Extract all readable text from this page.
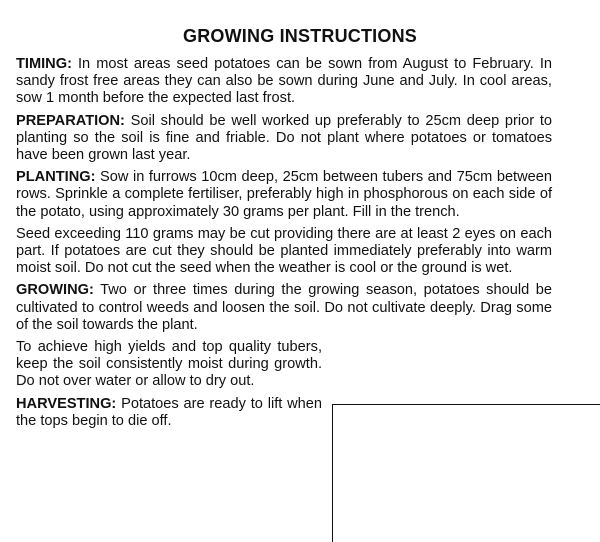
GROWING INSTRUCTIONS

TIMING: In most areas seed potatoes can be sown from August to February. In sandy frost free areas they can also be sown during June and July. In cool areas, sow 1 month before the expected last frost.

PREPARATION: Soil should be well worked up preferably to 25cm deep prior to planting so the soil is fine and friable. Do not plant where potatoes or tomatoes have been grown last year.

PLANTING: Sow in furrows 10cm deep, 25cm between tubers and 75cm between rows. Sprinkle a complete fertiliser, preferably high in phosphorous on each side of the potato, using approximately 30 grams per plant. Fill in the trench.

Seed exceeding 110 grams may be cut providing there are at least 2 eyes on each part. If potatoes are cut they should be planted immediately preferably into warm moist soil. Do not cut the seed when the weather is cool or the ground is wet.

GROWING: Two or three times during the growing season, potatoes should be cultivated to control weeds and loosen the soil. Do not cultivate deeply. Drag some of the soil towards the plant.

To achieve high yields and top quality tubers, keep the soil consistently moist during growth. Do not over water or allow to dry out.

HARVESTING: Potatoes are ready to lift when the tops begin to die off.
